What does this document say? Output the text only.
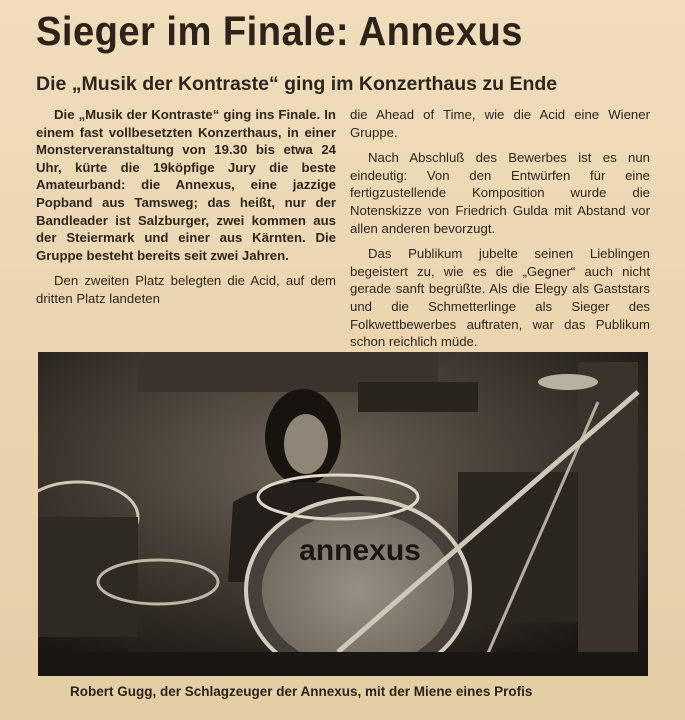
Sieger im Finale: Annexus
Die „Musik der Kontraste“ ging im Konzerthaus zu Ende

Die „Musik der Kontraste“ ging ins Finale. In einem fast vollbesetzten Konzerthaus, in einer Monsterveranstaltung von 19.30 bis etwa 24 Uhr, kürte die 19köpfige Jury die beste Amateurband: die Annexus, eine jazzige Popband aus Tamsweg; das heißt, nur der Bandleader ist Salzburger, zwei kommen aus der Steiermark und einer aus Kärnten. Die Gruppe besteht bereits seit zwei Jahren.

Den zweiten Platz belegten die Acid, auf dem dritten Platz landeten

die Ahead of Time, wie die Acid eine Wiener Gruppe.

Nach Abschluß des Bewerbes ist es nun eindeutig: Von den Entwürfen für eine fertigzustellende Komposition wurde die Notenskizze von Friedrich Gulda mit Abstand vor allen anderen bevorzugt.

Das Publikum jubelte seinen Lieblingen begeistert zu, wie es die „Gegner“ auch nicht gerade sanft begrüßte. Als die Elegy als Gaststars und die Schmetterlinge als Sieger des Folkwettbewerbes auftraten, war das Publikum schon reichlich müde.

annexus
Robert Gugg, der Schlagzeuger der Annexus, mit der Miene eines Profis
